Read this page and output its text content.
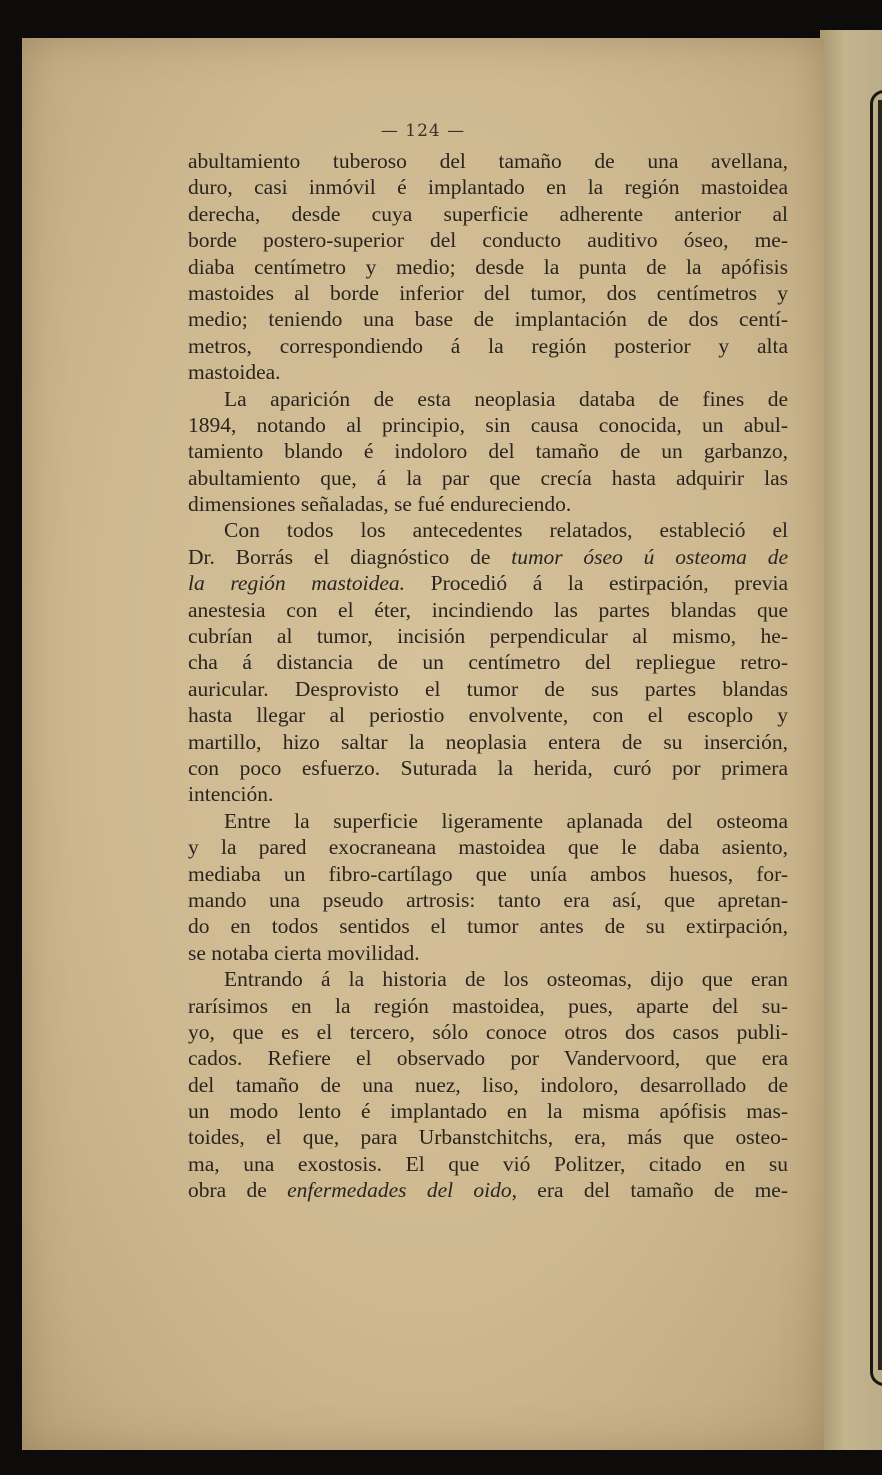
— 124 —
abultamiento tuberoso del tamaño de una avellana,
duro, casi inmóvil é implantado en la región mastoidea
derecha, desde cuya superficie adherente anterior al
borde postero-superior del conducto auditivo óseo, me-
diaba centímetro y medio; desde la punta de la apófisis
mastoides al borde inferior del tumor, dos centímetros y
medio; teniendo una base de implantación de dos centí-
metros, correspondiendo á la región posterior y alta
mastoidea.
La aparición de esta neoplasia databa de fines de
1894, notando al principio, sin causa conocida, un abul-
tamiento blando é indoloro del tamaño de un garbanzo,
abultamiento que, á la par que crecía hasta adquirir las
dimensiones señaladas, se fué endureciendo.
Con todos los antecedentes relatados, estableció el
Dr. Borrás el diagnóstico de tumor óseo ú osteoma de
la región mastoidea. Procedió á la estirpación, previa
anestesia con el éter, incindiendo las partes blandas que
cubrían al tumor, incisión perpendicular al mismo, he-
cha á distancia de un centímetro del repliegue retro-
auricular. Desprovisto el tumor de sus partes blandas
hasta llegar al periostio envolvente, con el escoplo y
martillo, hizo saltar la neoplasia entera de su inserción,
con poco esfuerzo. Suturada la herida, curó por primera
intención.
Entre la superficie ligeramente aplanada del osteoma
y la pared exocraneana mastoidea que le daba asiento,
mediaba un fibro-cartílago que unía ambos huesos, for-
mando una pseudo artrosis: tanto era así, que apretan-
do en todos sentidos el tumor antes de su extirpación,
se notaba cierta movilidad.
Entrando á la historia de los osteomas, dijo que eran
rarísimos en la región mastoidea, pues, aparte del su-
yo, que es el tercero, sólo conoce otros dos casos publi-
cados. Refiere el observado por Vandervoord, que era
del tamaño de una nuez, liso, indoloro, desarrollado de
un modo lento é implantado en la misma apófisis mas-
toides, el que, para Urbanstchitchs, era, más que osteo-
ma, una exostosis. El que vió Politzer, citado en su
obra de enfermedades del oido, era del tamaño de me-
